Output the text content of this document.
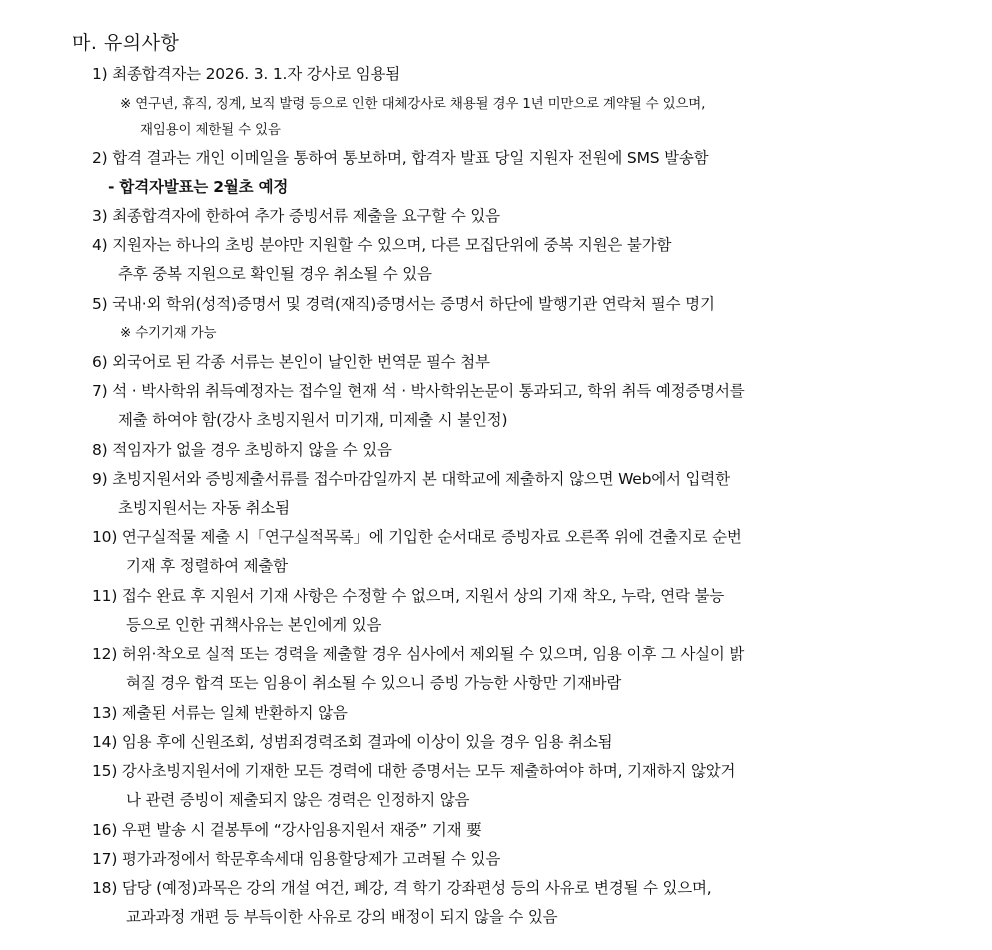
마. 유의사항
1) 최종합격자는 2026. 3. 1.자 강사로 임용됨
※ 연구년, 휴직, 징계, 보직 발령 등으로 인한 대체강사로 채용될 경우 1년 미만으로 계약될 수 있으며,
재임용이 제한될 수 있음
2) 합격 결과는 개인 이메일을 통하여 통보하며, 합격자 발표 당일 지원자 전원에 SMS 발송함
- 합격자발표는 2월초 예정
3) 최종합격자에 한하여 추가 증빙서류 제출을 요구할 수 있음
4) 지원자는 하나의 초빙 분야만 지원할 수 있으며, 다른 모집단위에 중복 지원은 불가함
추후 중복 지원으로 확인될 경우 취소될 수 있음
5) 국내·외 학위(성적)증명서 및 경력(재직)증명서는 증명서 하단에 발행기관 연락처 필수 명기
※ 수기기재 가능
6) 외국어로 된 각종 서류는 본인이 날인한 번역문 필수 첨부
7) 석 · 박사학위 취득예정자는 접수일 현재 석 · 박사학위논문이 통과되고, 학위 취득 예정증명서를
제출 하여야 함(강사 초빙지원서 미기재, 미제출 시 불인정)
8) 적임자가 없을 경우 초빙하지 않을 수 있음
9) 초빙지원서와 증빙제출서류를 접수마감일까지 본 대학교에 제출하지 않으면 Web에서 입력한
초빙지원서는 자동 취소됨
10) 연구실적물 제출 시「연구실적목록」에 기입한 순서대로 증빙자료 오른쪽 위에 견출지로 순번
기재 후 정렬하여 제출함
11) 접수 완료 후 지원서 기재 사항은 수정할 수 없으며, 지원서 상의 기재 착오, 누락, 연락 불능
등으로 인한 귀책사유는 본인에게 있음
12) 허위·착오로 실적 또는 경력을 제출할 경우 심사에서 제외될 수 있으며, 임용 이후 그 사실이 밝
혀질 경우 합격 또는 임용이 취소될 수 있으니 증빙 가능한 사항만 기재바람
13) 제출된 서류는 일체 반환하지 않음
14) 임용 후에 신원조회, 성범죄경력조회 결과에 이상이 있을 경우 임용 취소됨
15) 강사초빙지원서에 기재한 모든 경력에 대한 증명서는 모두 제출하여야 하며, 기재하지 않았거
나 관련 증빙이 제출되지 않은 경력은 인정하지 않음
16) 우편 발송 시 겉봉투에 “강사임용지원서 재중” 기재 要
17) 평가과정에서 학문후속세대 임용할당제가 고려될 수 있음
18) 담당 (예정)과목은 강의 개설 여건, 폐강, 격 학기 강좌편성 등의 사유로 변경될 수 있으며,
교과과정 개편 등 부득이한 사유로 강의 배정이 되지 않을 수 있음
